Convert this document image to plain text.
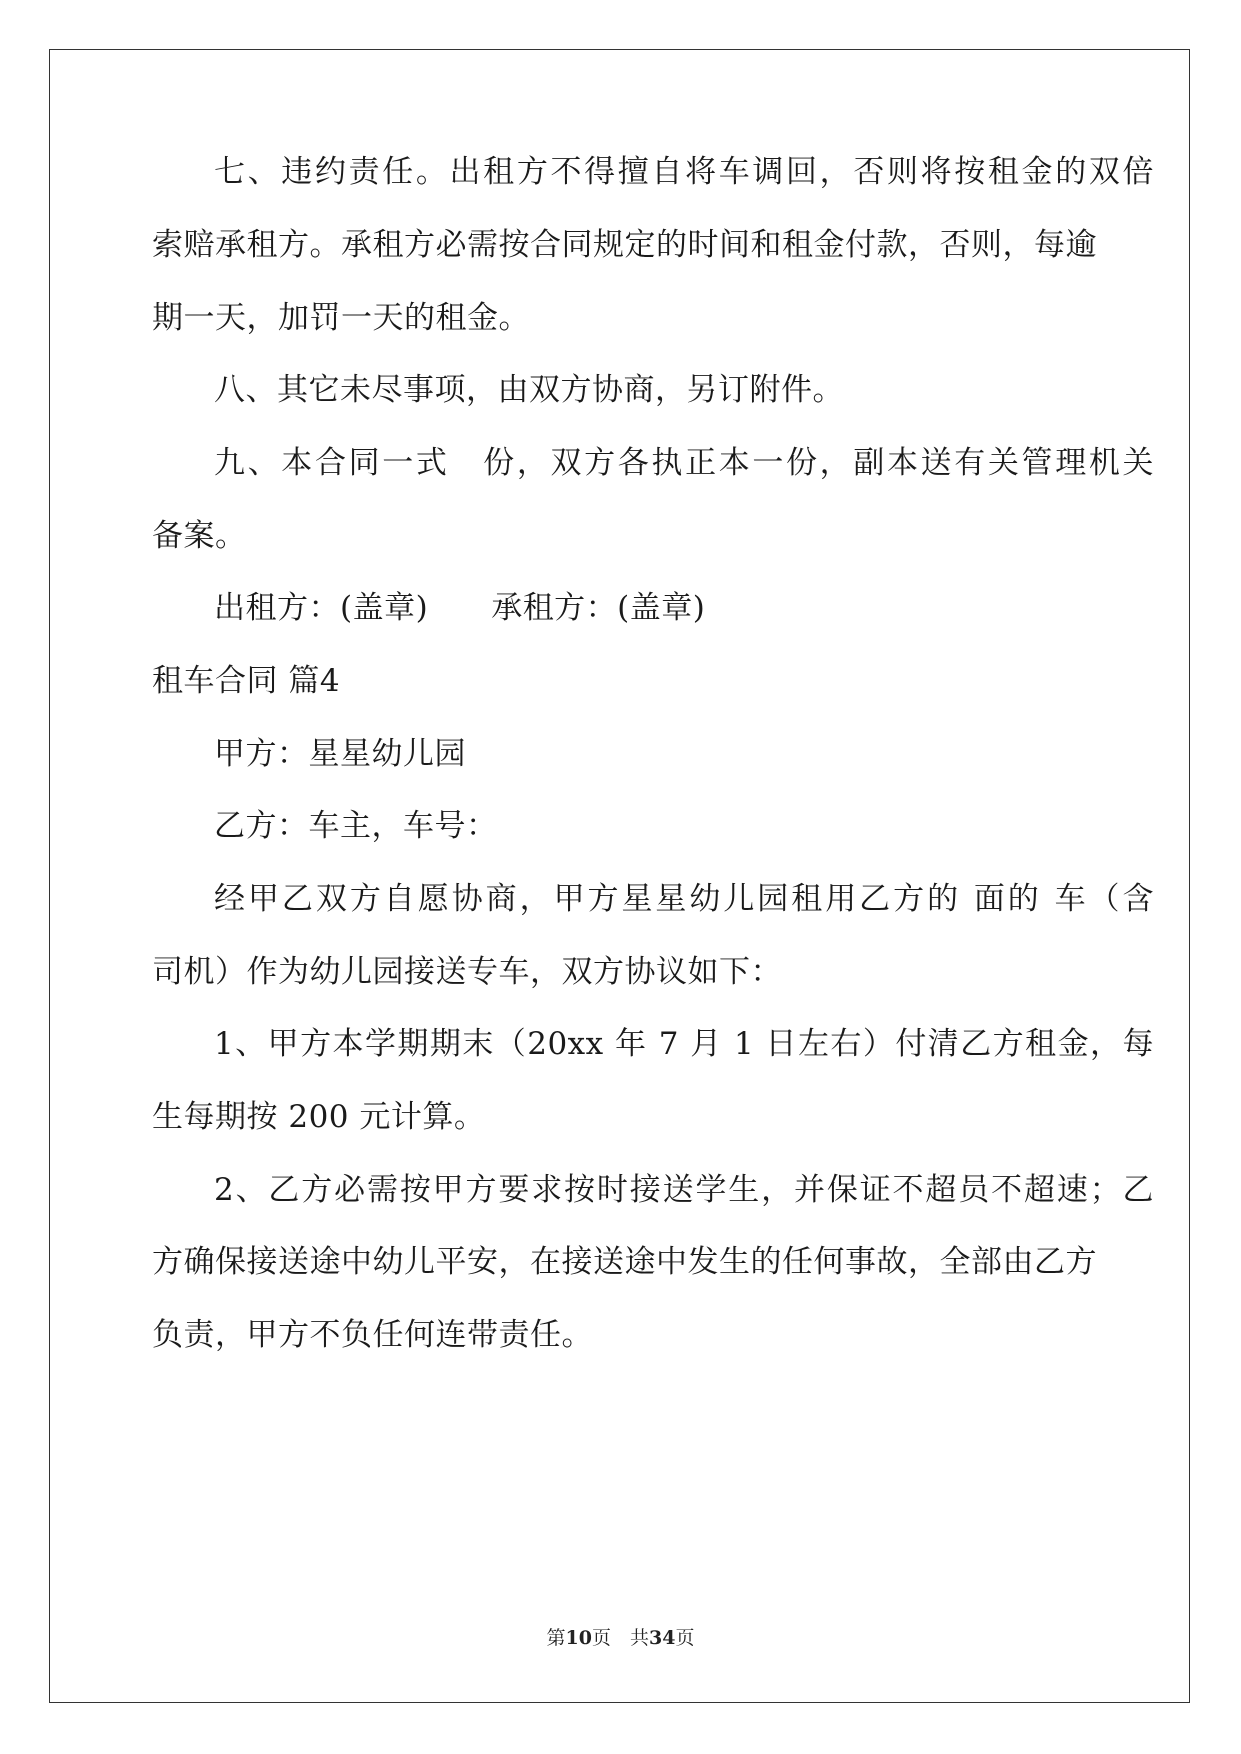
七、违约责任。出租方不得擅自将车调回，否则将按租金的双倍
索赔承租方。承租方必需按合同规定的时间和租金付款，否则，每逾
期一天，加罚一天的租金。
八、其它未尽事项，由双方协商，另订附件。
九、本合同一式　份，双方各执正本一份，副本送有关管理机关
备案。
出租方：(盖章)　　承租方：(盖章)
租车合同 篇4
甲方：星星幼儿园
乙方：车主，车号：
经甲乙双方自愿协商，甲方星星幼儿园租用乙方的 面的 车（含
司机）作为幼儿园接送专车，双方协议如下：
1、甲方本学期期末（20xx 年 7 月 1 日左右）付清乙方租金，每
生每期按 200 元计算。
2、乙方必需按甲方要求按时接送学生，并保证不超员不超速；乙
方确保接送途中幼儿平安，在接送途中发生的任何事故，全部由乙方
负责，甲方不负任何连带责任。
第10页　共34页
